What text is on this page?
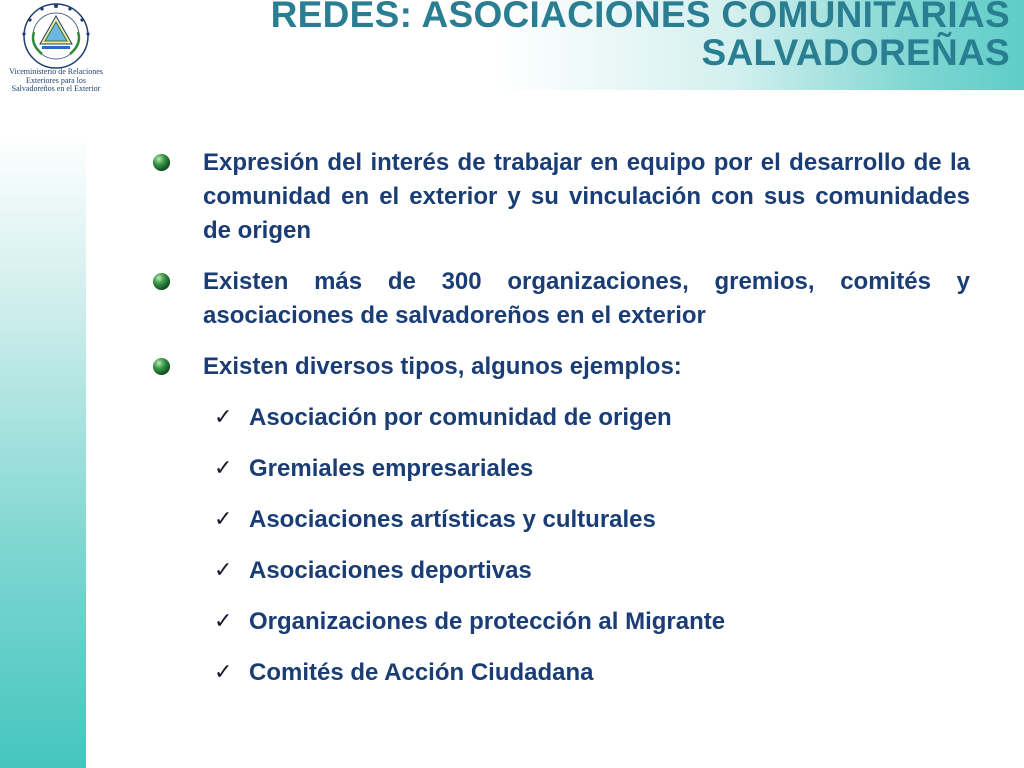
Viceministerio de Relaciones
Exteriores para los
Salvadoreños en el Exterior
REDES: ASOCIACIONES COMUNITARIAS
SALVADOREÑAS
Expresión del interés de trabajar en equipo por el desarrollo de la comunidad en el exterior y su vinculación con sus comunidades de origen
Existen más de 300 organizaciones, gremios, comités y asociaciones de salvadoreños en el exterior
Existen diversos tipos, algunos ejemplos:
✓ Asociación por comunidad de origen
✓ Gremiales empresariales
✓ Asociaciones artísticas y culturales
✓ Asociaciones deportivas
✓ Organizaciones de protección al Migrante
✓ Comités de Acción Ciudadana
